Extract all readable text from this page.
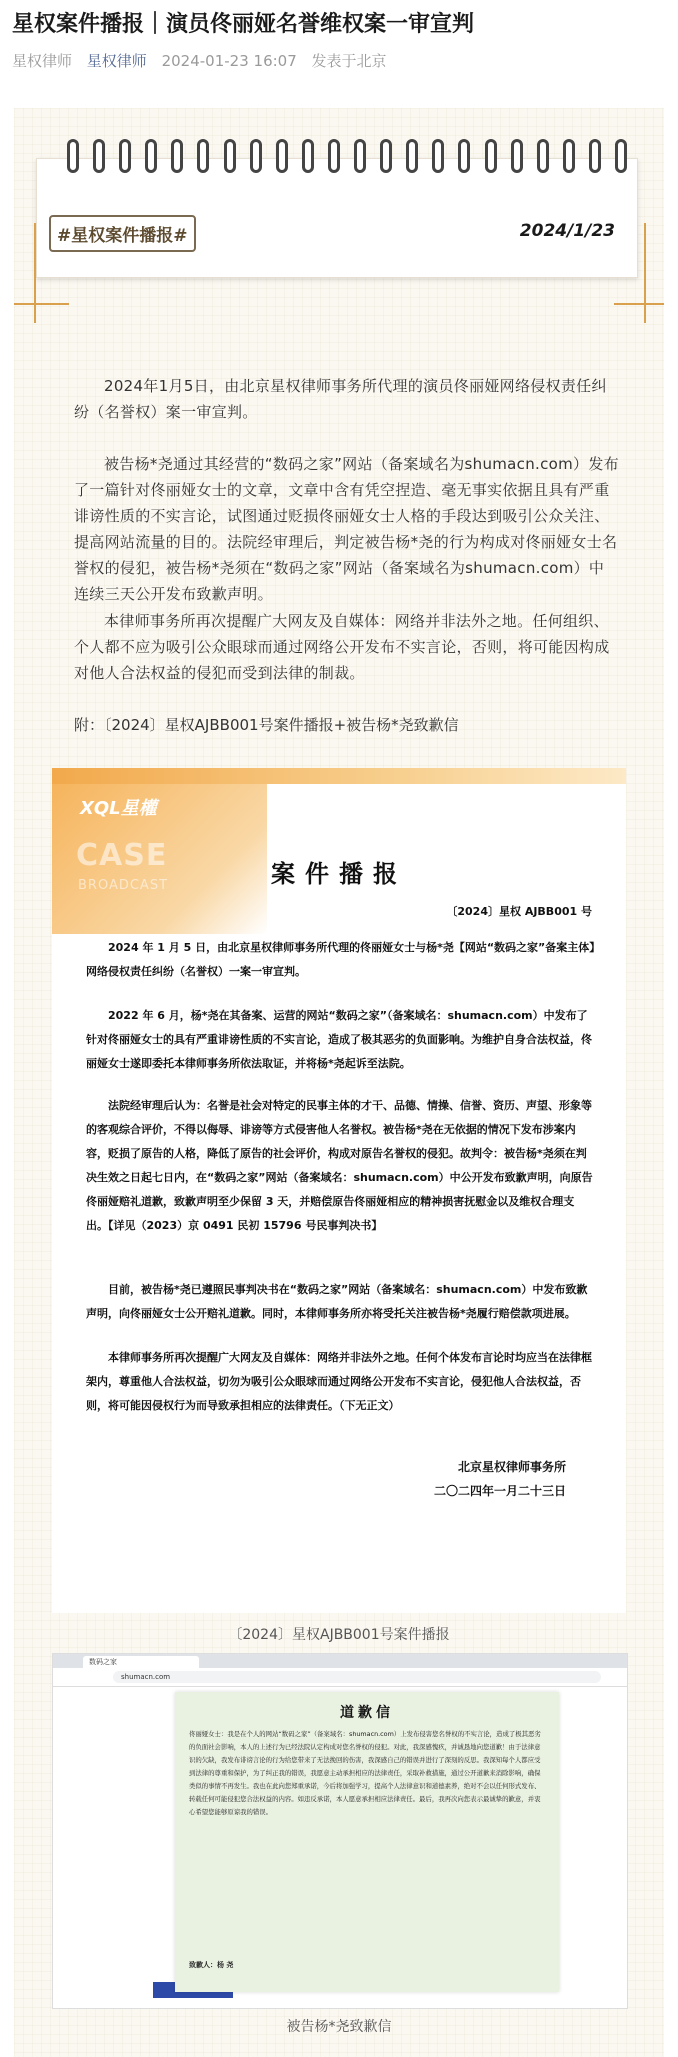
星权案件播报｜演员佟丽娅名誉维权案一审宣判
星权律师 星权律师 2024-01-23 16:07 发表于北京
#星权案件播报#	2024/1/23

2024年1月5日，由北京星权律师事务所代理的演员佟丽娅网络侵权责任纠纷（名誉权）案一审宣判。

被告杨*尧通过其经营的“数码之家”网站（备案域名为shumacn.com）发布了一篇针对佟丽娅女士的文章，文章中含有凭空捏造、毫无事实依据且具有严重诽谤性质的不实言论，试图通过贬损佟丽娅女士人格的手段达到吸引公众关注、提高网站流量的目的。法院经审理后，判定被告杨*尧的行为构成对佟丽娅女士名誉权的侵犯，被告杨*尧须在“数码之家”网站（备案域名为shumacn.com）中连续三天公开发布致歉声明。

本律师事务所再次提醒广大网友及自媒体：网络并非法外之地。任何组织、个人都不应为吸引公众眼球而通过网络公开发布不实言论，否则，将可能因构成对他人合法权益的侵犯而受到法律的制裁。

附：〔2024〕星权AJBB001号案件播报+被告杨*尧致歉信
XQL星權
CASE
BROADCAST	案件播报
〔2024〕星权 AJBB001 号

2024 年 1 月 5 日，由北京星权律师事务所代理的佟丽娅女士与杨*尧【网站“数码之家”备案主体】网络侵权责任纠纷（名誉权）一案一审宣判。

2022 年 6 月，杨*尧在其备案、运营的网站“数码之家”（备案域名：shumacn.com）中发布了针对佟丽娅女士的具有严重诽谤性质的不实言论，造成了极其恶劣的负面影响。为维护自身合法权益，佟丽娅女士遂即委托本律师事务所依法取证，并将杨*尧起诉至法院。

法院经审理后认为：名誉是社会对特定的民事主体的才干、品德、情操、信誉、资历、声望、形象等的客观综合评价，不得以侮辱、诽谤等方式侵害他人名誉权。被告杨*尧在无依据的情况下发布涉案内容，贬损了原告的人格，降低了原告的社会评价，构成对原告名誉权的侵犯。故判令：被告杨*尧须在判决生效之日起七日内，在“数码之家”网站（备案域名：shumacn.com）中公开发布致歉声明，向原告佟丽娅赔礼道歉，致歉声明至少保留 3 天，并赔偿原告佟丽娅相应的精神损害抚慰金以及维权合理支出。【详见（2023）京 0491 民初 15796 号民事判决书】

目前，被告杨*尧已遵照民事判决书在“数码之家”网站（备案域名：shumacn.com）中发布致歉声明，向佟丽娅女士公开赔礼道歉。同时，本律师事务所亦将受托关注被告杨*尧履行赔偿款项进展。

本律师事务所再次提醒广大网友及自媒体：网络并非法外之地。任何个体发布言论时均应当在法律框架内，尊重他人合法权益，切勿为吸引公众眼球而通过网络公开发布不实言论，侵犯他人合法权益，否则，将可能因侵权行为而导致承担相应的法律责任。（下无正文）

北京星权律师事务所
二〇二四年一月二十三日
〔2024〕星权AJBB001号案件播报
数码之家
shumacn.com
道歉信

佟丽娅女士：我是在个人的网站“数码之家”（备案域名：shumacn.com）上发布侵害您名誉权的不实言论，造成了极其恶劣的负面社会影响，本人的上述行为已经法院认定构成对您名誉权的侵犯。对此，我深感愧疚，并诚恳地向您道歉！由于法律意识的欠缺，我发布诽谤言论的行为给您带来了无法挽回的伤害，我深感自己的错误并进行了深刻的反思。我深知每个人都应受到法律的尊重和保护，为了纠正我的错误，我愿意主动承担相应的法律责任，采取补救措施，通过公开道歉来消除影响，确保类似的事情不再发生。我也在此向您郑重承诺，今后将加强学习，提高个人法律意识和道德素养，绝对不会以任何形式发布、转载任何可能侵犯您合法权益的内容。如违反承诺，本人愿意承担相应法律责任。最后，我再次向您表示最诚挚的歉意，并衷心希望您能够原谅我的错误。

致歉人：杨 尧
被告杨*尧致歉信
